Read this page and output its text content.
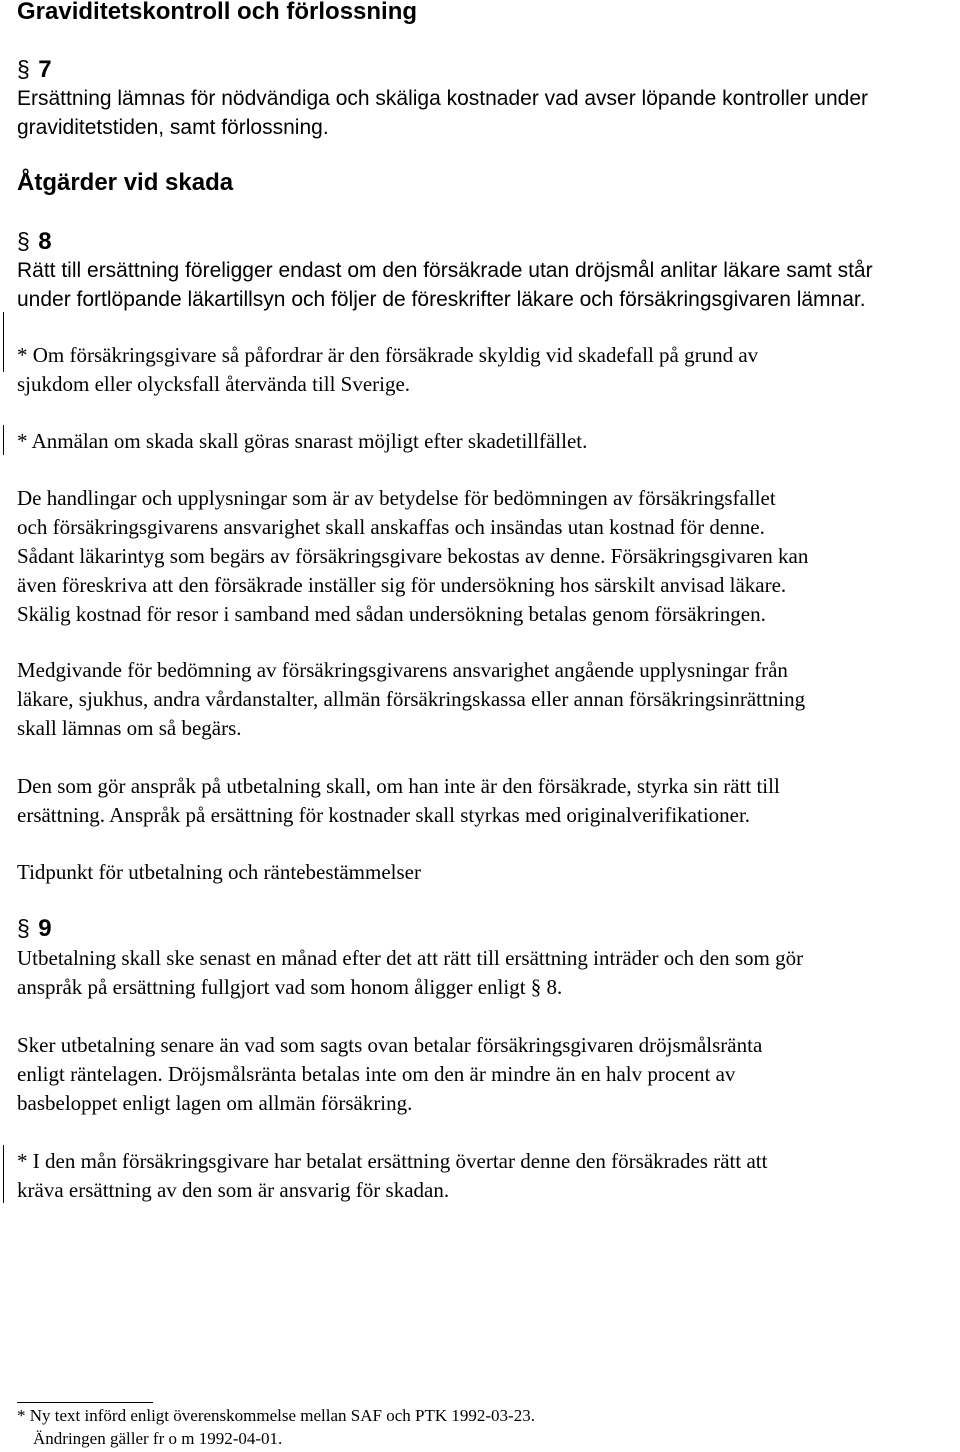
Graviditetskontroll och förlossning
§ 7
Ersättning lämnas för nödvändiga och skäliga kostnader vad avser löpande kontroller under
graviditetstiden, samt förlossning.
Åtgärder vid skada
§ 8
Rätt till ersättning föreligger endast om den försäkrade utan dröjsmål anlitar läkare samt står
under fortlöpande läkartillsyn och följer de föreskrifter läkare och försäkringsgivaren lämnar.
* Om försäkringsgivare så påfordrar är den försäkrade skyldig vid skadefall på grund av
sjukdom eller olycksfall återvända till Sverige.
* Anmälan om skada skall göras snarast möjligt efter skadetillfället.
De handlingar och upplysningar som är av betydelse för bedömningen av försäkringsfallet
och försäkringsgivarens ansvarighet skall anskaffas och insändas utan kostnad för denne.
Sådant läkarintyg som begärs av försäkringsgivare bekostas av denne. Försäkringsgivaren kan
även föreskriva att den försäkrade inställer sig för undersökning hos särskilt anvisad läkare.
Skälig kostnad för resor i samband med sådan undersökning betalas genom försäkringen.
Medgivande för bedömning av försäkringsgivarens ansvarighet angående upplysningar från
läkare, sjukhus, andra vårdanstalter, allmän försäkringskassa eller annan försäkringsinrättning
skall lämnas om så begärs.
Den som gör anspråk på utbetalning skall, om han inte är den försäkrade, styrka sin rätt till
ersättning. Anspråk på ersättning för kostnader skall styrkas med originalverifikationer.
Tidpunkt för utbetalning och räntebestämmelser
§ 9
Utbetalning skall ske senast en månad efter det att rätt till ersättning inträder och den som gör
anspråk på ersättning fullgjort vad som honom åligger enligt § 8.
Sker utbetalning senare än vad som sagts ovan betalar försäkringsgivaren dröjsmålsränta
enligt räntelagen. Dröjsmålsränta betalas inte om den är mindre än en halv procent av
basbeloppet enligt lagen om allmän försäkring.
* I den mån försäkringsgivare har betalat ersättning övertar denne den försäkrades rätt att
kräva ersättning av den som är ansvarig för skadan.
* Ny text införd enligt överenskommelse mellan SAF och PTK 1992-03-23.
Ändringen gäller fr o m 1992-04-01.
